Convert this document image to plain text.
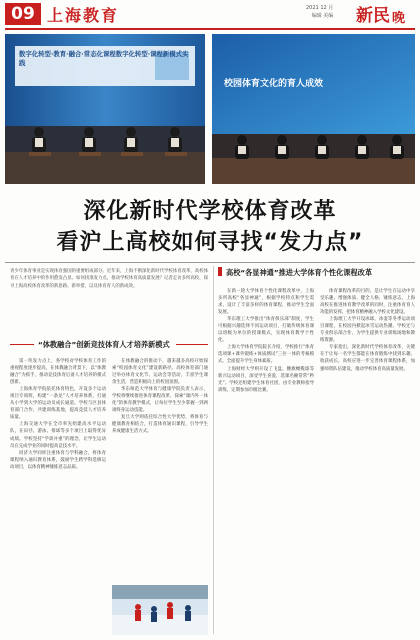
09 上海教育	2021 12 月
编辑 美编 新民 晚
数字化转型·教育·融合·常态化课程数字化转型·课程新模式实践
校园体育文化的育人成效
深化新时代学校体育改革
看沪上高校如何寻找“发力点”
青少年体育事业是实现体育强国的重要组成部分。近年来，上海不断深化新时代学校体育改革，高校体育在人才培养中的作用愈发凸显。如何找准发力点，推动学校体育高质量发展？记者走访多所高校，探寻上海高校体育改革的新思路、新举措，以及体育育人的新成效。
“体教融合”创新竞技体育人才培养新模式

第一块发力点上，各学校对学校体育工作的重视程度逐步提高，在体教融合背景下，以“体教融合”为抓手，推动竞技体育后备人才培养的模式创新。

上海体育学院依托体育特色，开设多个运动项目专项班，构建“一条龙”人才培养体系，打通从小学到大学的运动员成长通道。学校与区县体育部门合作，共建训练基地，提高竞技人才培养质量。

上海交通大学在全市率先组建高水平运动队，在田径、游泳、排球等多个项目上取得优异成绩。学校坚持“学训并重”的理念，让学生运动员在完成学业的同时提高竞技水平。

同济大学同样注重体育与学科融合，将体育课程纳入通识教育体系，鼓励学生跨学科选修运动项目，以体育精神锤炼意志品质。

在体教融合的推动下，越来越多高校开始探索“校园体育文化”建设新路径。高校体育部门通过举办体育文化节、运动会等活动，丰富学生课余生活，营造积极向上的校园氛围。

华东师范大学体育与健康学院负责人表示，学校将继续推进体育课程改革，探索“课内外一体化”的体育教学模式，让每位学生至少掌握一到两项终身运动技能。

复旦大学则依托综合性大学优势，将体育与健康教育相结合，打造体育通识课程，引导学生养成健康生活方式。

高校“各显神通”推进大学体育个性化课程改革

在新一轮大学体育个性化课程改革中，上海多所高校“各显神通”，根据学校特点和学生需求，设计了丰富多样的体育课程，推动学生全面发展。

华东理工大学推出“体育俱乐部”制度，学生可根据兴趣选择不同运动项目，打破传统体育课以班级为单位的授课模式，实现体育教学个性化。

上海大学体育学院院长介绍，学校推行“体育选项课+课外锻炼+体质测试”三位一体的考核模式，全面提升学生身体素质。

上海财经大学则开设了飞盘、腰旗橄榄球等新兴运动项目，深受学生喜爱，选课名额常常“秒光”。学校还组建学生体育社团，由专业教师指导训练，定期参加市级比赛。

体育课程改革的目的，是让学生在运动中享受乐趣、增强体质、健全人格、锤炼意志。上海高校在推进体育教学改革的同时，注重体育育人功能的发挥，把体育精神融入学校文化建设。

上海理工大学开设冰球、冰壶等冬季运动项目课程，在校园内掀起冰雪运动热潮。学校还与专业俱乐部合作，为学生提供专业训练场地和教练资源。

专家指出，深化新时代学校体育改革，关键在于让每一名学生都能在体育锻炼中找到乐趣、收获成长。高校应进一步完善体育课程体系，加强师资队伍建设，推动学校体育高质量发展。
